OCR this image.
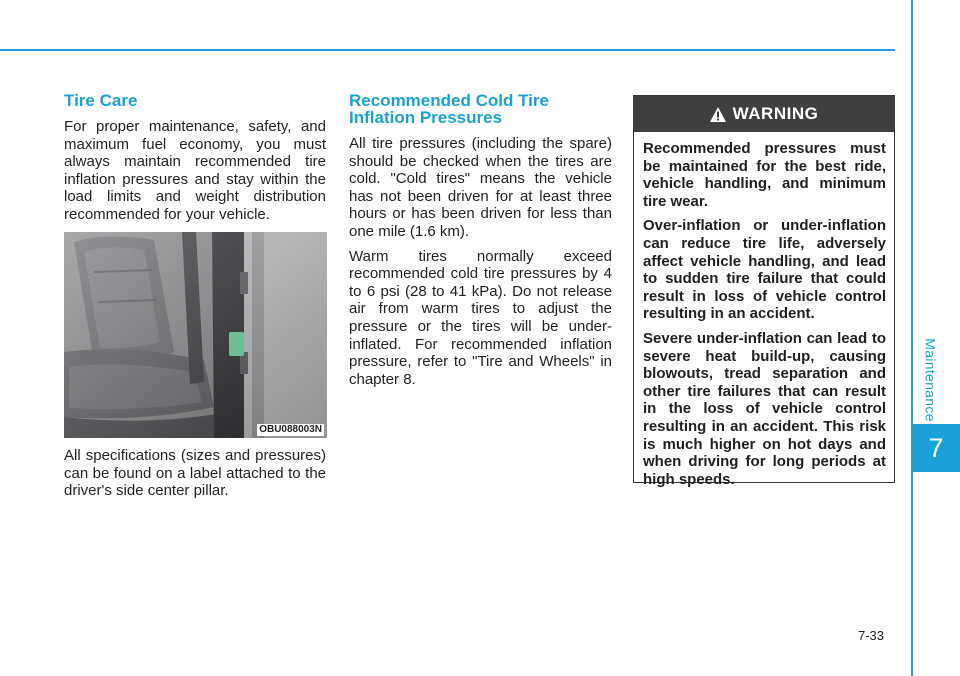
Maintenance
7
Tire Care

For proper maintenance, safety, and maximum fuel economy, you must always maintain recommended tire inflation pressures and stay within the load limits and weight distribution recommended for your vehicle.

OBU088003N

All specifications (sizes and pressures) can be found on a label attached to the driver's side center pillar.

Recommended Cold Tire Inflation Pressures

All tire pressures (including the spare) should be checked when the tires are cold. "Cold tires" means the vehicle has not been driven for at least three hours or has been driven for less than one mile (1.6 km).

Warm tires normally exceed recommended cold tire pressures by 4 to 6 psi (28 to 41 kPa). Do not release air from warm tires to adjust the pressure or the tires will be under-inflated. For recommended inflation pressure, refer to "Tire and Wheels" in chapter 8.

WARNING

Recommended pressures must be maintained for the best ride, vehicle handling, and minimum tire wear.

Over-inflation or under-inflation can reduce tire life, adversely affect vehicle handling, and lead to sudden tire failure that could result in loss of vehicle control resulting in an accident.

Severe under-inflation can lead to severe heat build-up, causing blowouts, tread separation and other tire failures that can result in the loss of vehicle control resulting in an accident. This risk is much higher on hot days and when driving for long periods at high speeds.

7-33
